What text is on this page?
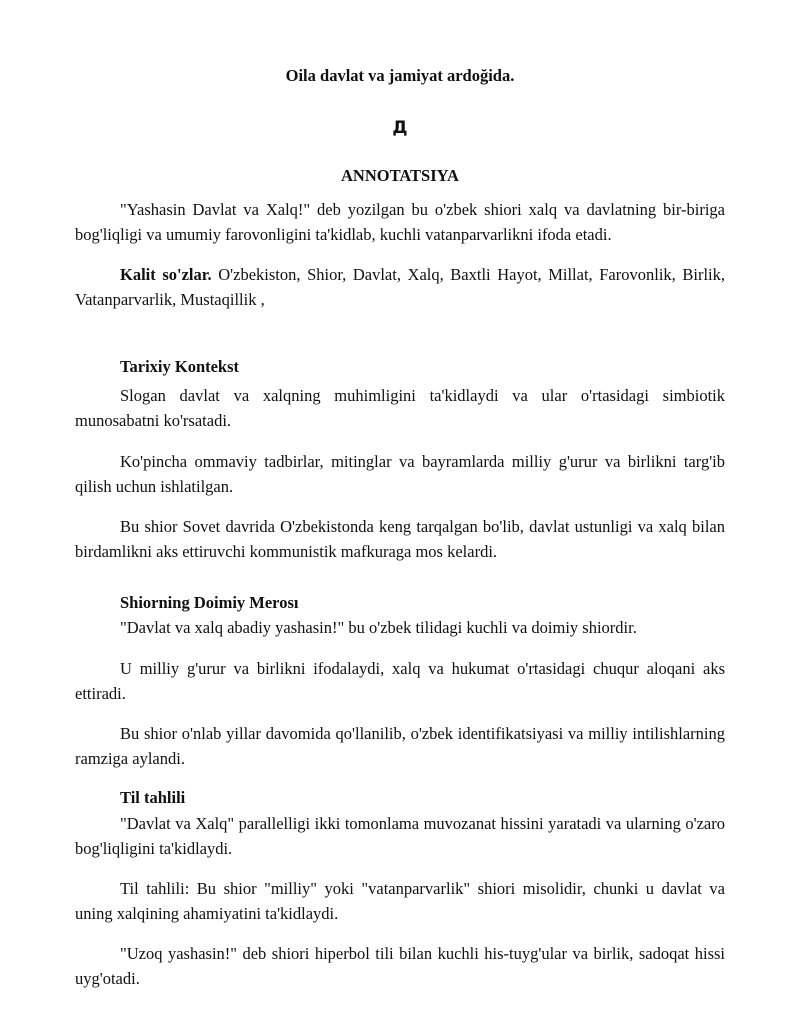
Oila davlat va jamiyat ardoğida.
Д
ANNOTATSIYA

"Yashasin Davlat va Xalq!" deb yozilgan bu o'zbek shiori xalq va davlatning bir-biriga bog'liqligi va umumiy farovonligini ta'kidlab, kuchli vatanparvarlikni ifoda etadi.

Kalit so'zlar. O'zbekiston, Shior, Davlat, Xalq, Baxtli Hayot, Millat, Farovonlik, Birlik, Vatanparvarlik, Mustaqillik ,

Tarixiy Kontekst

Slogan davlat va xalqning muhimligini ta'kidlaydi va ular o'rtasidagi simbiotik munosabatni ko'rsatadi.

Ko'pincha ommaviy tadbirlar, mitinglar va bayramlarda milliy g'urur va birlikni targ'ib qilish uchun ishlatilgan.

Bu shior Sovet davrida O'zbekistonda keng tarqalgan bo'lib, davlat ustunligi va xalq bilan birdamlikni aks ettiruvchi kommunistik mafkuraga mos kelardi.

Shiorning Doimiy Merosı

"Davlat va xalq abadiy yashasin!" bu o'zbek tilidagi kuchli va doimiy shiordir.

U milliy g'urur va birlikni ifodalaydi, xalq va hukumat o'rtasidagi chuqur aloqani aks ettiradi.

Bu shior o'nlab yillar davomida qo'llanilib, o'zbek identifikatsiyasi va milliy intilishlarning ramziga aylandi.

Til tahlili

"Davlat va Xalq" parallelligi ikki tomonlama muvozanat hissini yaratadi va ularning o'zaro bog'liqligini ta'kidlaydi.

Til tahlili: Bu shior "milliy" yoki "vatanparvarlik" shiori misolidir, chunki u davlat va uning xalqining ahamiyatini ta'kidlaydi.

"Uzoq yashasin!" deb shiori hiperbol tili bilan kuchli his-tuyg'ular va birlik, sadoqat hissi uyg'otadi.
